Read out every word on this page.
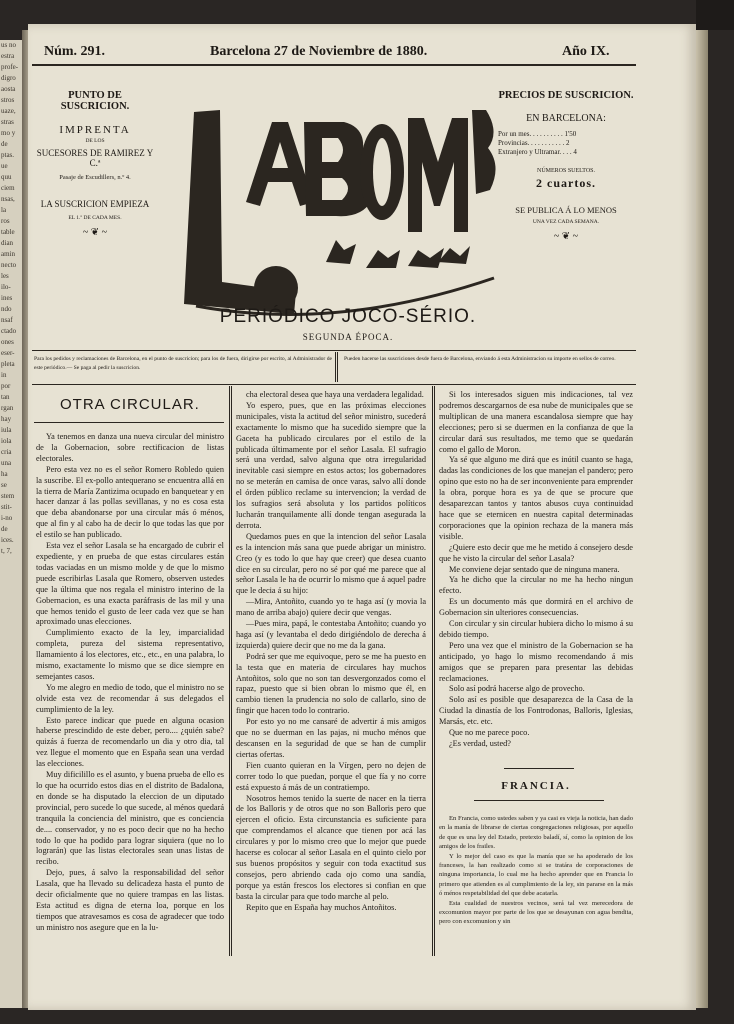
us no
estra
profe-
digro
aosta
stros
uaze,
stras
mo y
de
ptas.
ue
quu
ciem
nsas,
la
ros
table
dian
amin
necto
les
ilo-
ines
ndo
nsaf
ctado
ones
eser-
pleta
in
por
tan
rgan
hay
iula
iola
cria
una
ha
se
stem
stit-
i-no
de
ices.
t, 7,
Núm. 291.	Barcelona 27 de Noviembre de 1880.	Año IX.
PUNTO DE SUSCRICION.
IMPRENTA
DE LOS
SUCESORES DE RAMIREZ Y C.ª
Pasaje de Escudillers, n.º 4.
LA SUSCRICION EMPIEZA
EL 1.º DE CADA MES.
~ ❦ ~
PERIÓDICO JOCO-SÉRIO.
SEGUNDA ÉPOCA.
PRECIOS DE SUSCRICION.
EN BARCELONA:
Por un mes. . . . . . . . . . 1'50
Provincias. . . . . . . . . . . 2
Extranjero y Ultramar. . . . 4
NÚMEROS SUELTOS.
2 cuartos.
SE PUBLICA Á LO MENOS
UNA VEZ CADA SEMANA.
~ ❦ ~
Para los pedidos y reclamaciones de Barcelona, en el punto de suscricion; para los de fuera, dirigirse por escrito, al Administrador de este periódico.— Se paga al pedir la suscricion.
Pueden hacerse las suscriciones desde fuera de Barcelona, enviando á esta Administracion su importe en sellos de correo.
OTRA CIRCULAR.

Ya tenemos en danza una nueva circular del ministro de la Gobernacion, sobre rectificacion de listas electorales.

Pero esta vez no es el señor Romero Robledo quien la suscribe. El ex-pollo antequerano se encuentra allá en la tierra de María Zantizima ocupado en banquetear y en hacer danzar á las pollas sevillanas, y no es cosa esta que deba abandonarse por una circular más ó ménos, que al fin y al cabo ha de decir lo que todas las que por el estilo se han publicado.

Esta vez el señor Lasala se ha encargado de cubrir el expediente, y en prueba de que estas circulares están todas vaciadas en un mismo molde y de que lo mismo puede escribirlas Lasala que Romero, observen ustedes que la última que nos regala el ministro interino de la Gobernacion, es una exacta paráfrasis de las mil y una que hemos tenido el gusto de leer cada vez que se han aproximado unas elecciones.

Cumplimiento exacto de la ley, imparcialidad completa, pureza del sistema representativo, llamamiento á los electores, etc., etc., en una palabra, lo mismo, exactamente lo mismo que se dice siempre en semejantes casos.

Yo me alegro en medio de todo, que el ministro no se olvide esta vez de recomendar á sus delegados el cumplimiento de la ley.

Esto parece indicar que puede en alguna ocasion haberse prescindido de este deber, pero.... ¿quién sabe? quizás á fuerza de recomendarlo un dia y otro dia, tal vez llegue el momento que en España sean una verdad las elecciones.

Muy dificilillo es el asunto, y buena prueba de ello es lo que ha ocurrido estos dias en el distrito de Badalona, en donde se ha disputado la eleccion de un diputado provincial, pero sucede lo que sucede, al ménos quedará tranquila la conciencia del ministro, que es conciencia de.... conservador, y no es poco decir que no ha hecho todo lo que ha podido para lograr siquiera (que no lo lograrán) que las listas electorales sean unas listas de recibo.

Dejo, pues, á salvo la responsabilidad del señor Lasala, que ha llevado su delicadeza hasta el punto de decir oficialmente que no quiere trampas en las listas. Esta actitud es digna de eterna loa, porque en los tiempos que atravesamos es cosa de agradecer que todo un ministro nos asegure que en la lu-

cha electoral desea que haya una verdadera legalidad.

Yo espero, pues, que en las próximas elecciones municipales, vista la actitud del señor ministro, sucederá exactamente lo mismo que ha sucedido siempre que la Gaceta ha publicado circulares por el estilo de la publicada últimamente por el señor Lasala. El sufragio será una verdad, salvo alguna que otra irregularidad inevitable casi siempre en estos actos; los gobernadores no se meterán en camisa de once varas, salvo allí donde el órden público reclame su intervencion; la verdad de los sufragios será absoluta y los partidos políticos lucharán tranquilamente allí donde tengan asegurada la derrota.

Quedamos pues en que la intencion del señor Lasala es la intencion más sana que puede abrigar un ministro. Creo (y es todo lo que hay que creer) que desea cuanto dice en su circular, pero no sé por qué me parece que al señor Lasala le ha de ocurrir lo mismo que á aquel padre que le decia á su hijo:

—Mira, Antoñito, cuando yo te haga así (y movia la mano de arriba abajo) quiere decir que vengas.

—Pues mira, papá, le contestaba Antoñito; cuando yo haga así (y levantaba el dedo dirigiéndolo de derecha á izquierda) quiere decir que no me da la gana.

Podrá ser que me equivoque, pero se me ha puesto en la testa que en materia de circulares hay muchos Antoñitos, solo que no son tan desvergonzados como el rapaz, puesto que si bien obran lo mismo que él, en cambio tienen la prudencia no solo de callarlo, sino de fingir que hacen todo lo contrario.

Por esto yo no me cansaré de advertir á mis amigos que no se duerman en las pajas, ni mucho ménos que descansen en la seguridad de que se han de cumplir ciertas ofertas.

Fien cuanto quieran en la Vírgen, pero no dejen de correr todo lo que puedan, porque el que fía y no corre está expuesto á más de un contratiempo.

Nosotros hemos tenido la suerte de nacer en la tierra de los Balloris y de otros que no son Balloris pero que ejercen el oficio. Esta circunstancia es suficiente para que comprendamos el alcance que tienen por acá las circulares y por lo mismo creo que lo mejor que puede hacerse es colocar al señor Lasala en el quinto cielo por sus buenos propósitos y seguir con toda exactitud sus consejos, pero abriendo cada ojo como una sandía, porque ya están frescos los electores si confian en que basta la circular para que todo marche al pelo.

Repito que en España hay muchos Antoñitos.

Si los interesados siguen mis indicaciones, tal vez podremos descargarnos de esa nube de municipales que se multiplican de una manera escandalosa siempre que hay elecciones; pero si se duermen en la confianza de que la circular dará sus resultados, me temo que se quedarán como el gallo de Moron.

Ya sé que alguno me dirá que es inútil cuanto se haga, dadas las condiciones de los que manejan el pandero; pero opino que esto no ha de ser inconveniente para emprender la obra, porque hora es ya de que se procure que desaparezcan tantos y tantos abusos cuya continuidad hace que se eternicen en nuestra capital determinadas corporaciones que la opinion rechaza de la manera más visible.

¿Quiere esto decir que me he metido á consejero desde que he visto la circular del señor Lasala?

Me conviene dejar sentado que de ninguna manera.

Ya he dicho que la circular no me ha hecho ningun efecto.

Es un documento más que dormirá en el archivo de Gobernacion sin ulteriores consecuencias.

Con circular y sin circular hubiera dicho lo mismo á su debido tiempo.

Pero una vez que el ministro de la Gobernacion se ha anticipado, yo hago lo mismo recomendando á mis amigos que se preparen para presentar las debidas reclamaciones.

Solo así podrá hacerse algo de provecho.

Solo así es posible que desaparezca de la Casa de la Ciudad la dinastía de los Fontrodonas, Balloris, Iglesias, Marsás, etc. etc.

Que no me parece poco.

¿Es verdad, usted?

FRANCIA.

En Francia, como ustedes saben y ya casi es vieja la noticia, han dado en la manía de librarse de ciertas congregaciones religiosas, por aquello de que es una ley del Estado, pretexto baladí, sí, como la opinion de los amigos de los frailes.

Y lo mejor del caso es que la manía que se ha apoderado de los franceses, la han realizado como si se tratára de corporaciones de ninguna importancia, lo cual me ha hecho aprender que en Francia lo primero que atienden es al cumplimiento de la ley, sin pararse en la más ó ménos respetabilidad del que debe acatarla.

Esta cualidad de nuestros vecinos, será tal vez merecedora de excomunion mayor por parte de los que se desayunan con agua bendita, pero con excomunion y sin
